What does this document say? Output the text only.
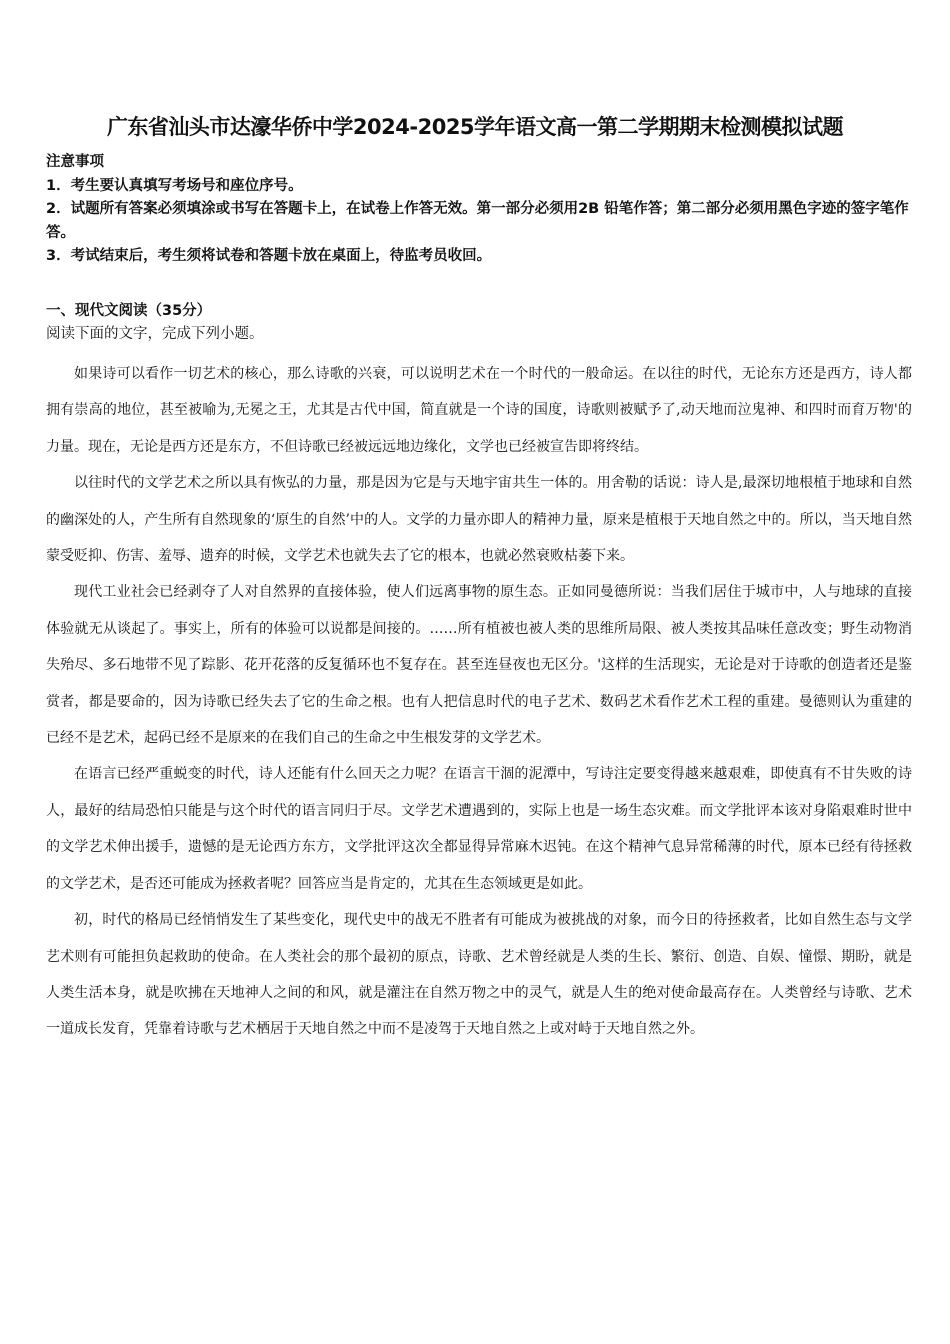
广东省汕头市达濠华侨中学2024-2025学年语文高一第二学期期末检测模拟试题

注意事项

1．考生要认真填写考场号和座位序号。

2．试题所有答案必须填涂或书写在答题卡上，在试卷上作答无效。第一部分必须用2B 铅笔作答；第二部分必须用黑色字迹的签字笔作答。

3．考试结束后，考生须将试卷和答题卡放在桌面上，待监考员收回。

一、现代文阅读（35分）
阅读下面的文字，完成下列小题。

如果诗可以看作一切艺术的核心，那么诗歌的兴衰，可以说明艺术在一个时代的一般命运。在以往的时代，无论东方还是西方，诗人都拥有崇高的地位，甚至被喻为,无冕之王，尤其是古代中国，简直就是一个诗的国度，诗歌则被赋予了,动天地而泣鬼神、和四时而育万物'的力量。现在，无论是西方还是东方，不但诗歌已经被远远地边缘化，文学也已经被宣告即将终结。

以往时代的文学艺术之所以具有恢弘的力量，那是因为它是与天地宇宙共生一体的。用舍勒的话说：诗人是,最深切地根植于地球和自然的幽深处的人，产生所有自然现象的‘原生的自然’中的人。文学的力量亦即人的精神力量，原来是植根于天地自然之中的。所以，当天地自然蒙受贬抑、伤害、羞辱、遗弃的时候，文学艺术也就失去了它的根本，也就必然衰败枯萎下来。

现代工业社会已经剥夺了人对自然界的直接体验，使人们远离事物的原生态。正如同曼德所说：当我们居住于城市中，人与地球的直接体验就无从谈起了。事实上，所有的体验可以说都是间接的。……所有植被也被人类的思维所局限、被人类按其品味任意改变；野生动物消失殆尽、多石地带不见了踪影、花开花落的反复循环也不复存在。甚至连昼夜也无区分。'这样的生活现实，无论是对于诗歌的创造者还是鉴赏者，都是要命的，因为诗歌已经失去了它的生命之根。也有人把信息时代的电子艺术、数码艺术看作艺术工程的重建。曼德则认为重建的已经不是艺术，起码已经不是原来的在我们自己的生命之中生根发芽的文学艺术。

在语言已经严重蜕变的时代，诗人还能有什么回天之力呢？在语言干涸的泥潭中，写诗注定要变得越来越艰难，即使真有不甘失败的诗人，最好的结局恐怕只能是与这个时代的语言同归于尽。文学艺术遭遇到的，实际上也是一场生态灾难。而文学批评本该对身陷艰难时世中的文学艺术伸出援手，遗憾的是无论西方东方，文学批评这次全都显得异常麻木迟钝。在这个精神气息异常稀薄的时代，原本已经有待拯救的文学艺术，是否还可能成为拯救者呢？回答应当是肯定的，尤其在生态领域更是如此。

初，时代的格局已经悄悄发生了某些变化，现代史中的战无不胜者有可能成为被挑战的对象，而今日的待拯救者，比如自然生态与文学艺术则有可能担负起救助的使命。在人类社会的那个最初的原点，诗歌、艺术曾经就是人类的生长、繁衍、创造、自娱、憧憬、期盼，就是人类生活本身，就是吹拂在天地神人之间的和风，就是灌注在自然万物之中的灵气，就是人生的绝对使命最高存在。人类曾经与诗歌、艺术一道成长发育，凭靠着诗歌与艺术栖居于天地自然之中而不是凌驾于天地自然之上或对峙于天地自然之外。
